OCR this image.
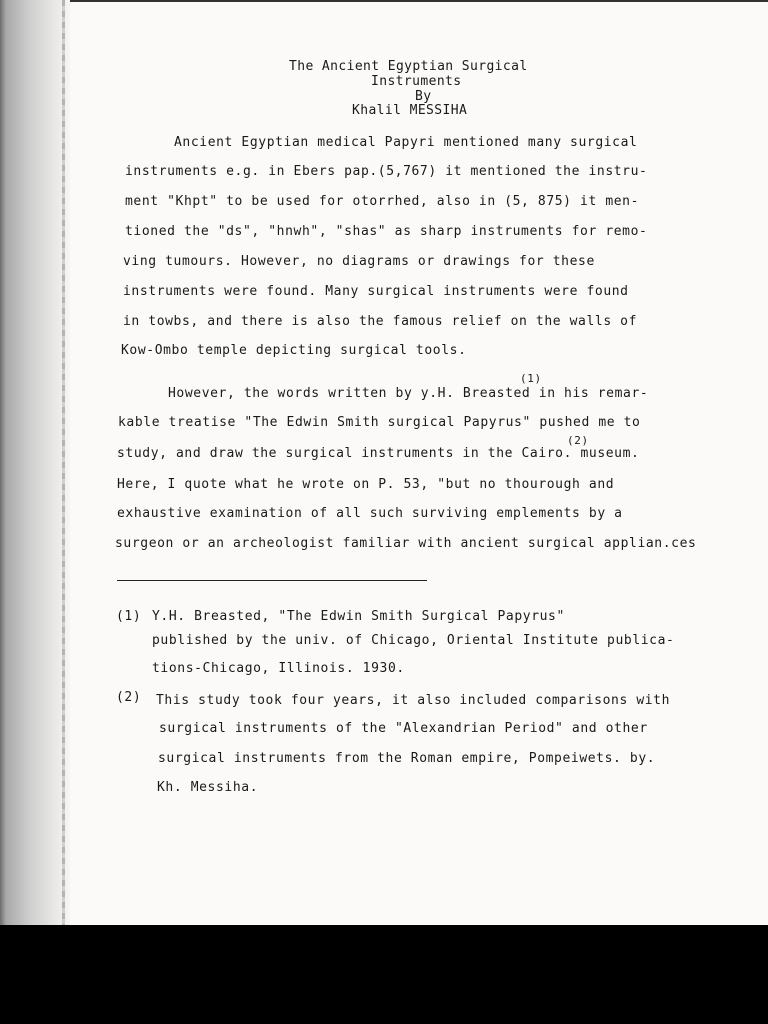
The Ancient Egyptian Surgical
Instruments
By
Khalil MESSIHA
Ancient Egyptian medical Papyri mentioned many surgical
instruments e.g. in Ebers pap.(5,767) it mentioned the instru-
ment "Khpt" to be used for otorrhed, also in (5, 875) it men-
tioned the "ds", "hnwh", "shas" as sharp instruments for remo-
ving tumours. However, no diagrams or drawings for these
instruments were found. Many surgical instruments were found
in towbs, and there is also the famous relief on the walls of
Kow-Ombo temple depicting surgical tools.
(1)
However, the words written by y.H. Breasted in his remar-
kable treatise "The Edwin Smith surgical Papyrus" pushed me to
(2)
study, and draw the surgical instruments in the Cairo. museum.
Here, I quote what he wrote on P. 53, "but no thourough and
exhaustive examination of all such surviving emplements by a
surgeon or an archeologist familiar with ancient surgical applian.ces
(1) Y.H. Breasted, "The Edwin Smith Surgical Papyrus"
published by the univ. of Chicago, Oriental Institute publica-
tions-Chicago, Illinois. 1930.
(2) This study took four years, it also included comparisons with
surgical instruments of the "Alexandrian Period" and other
surgical instruments from the Roman empire, Pompeiwets. by.
Kh. Messiha.
